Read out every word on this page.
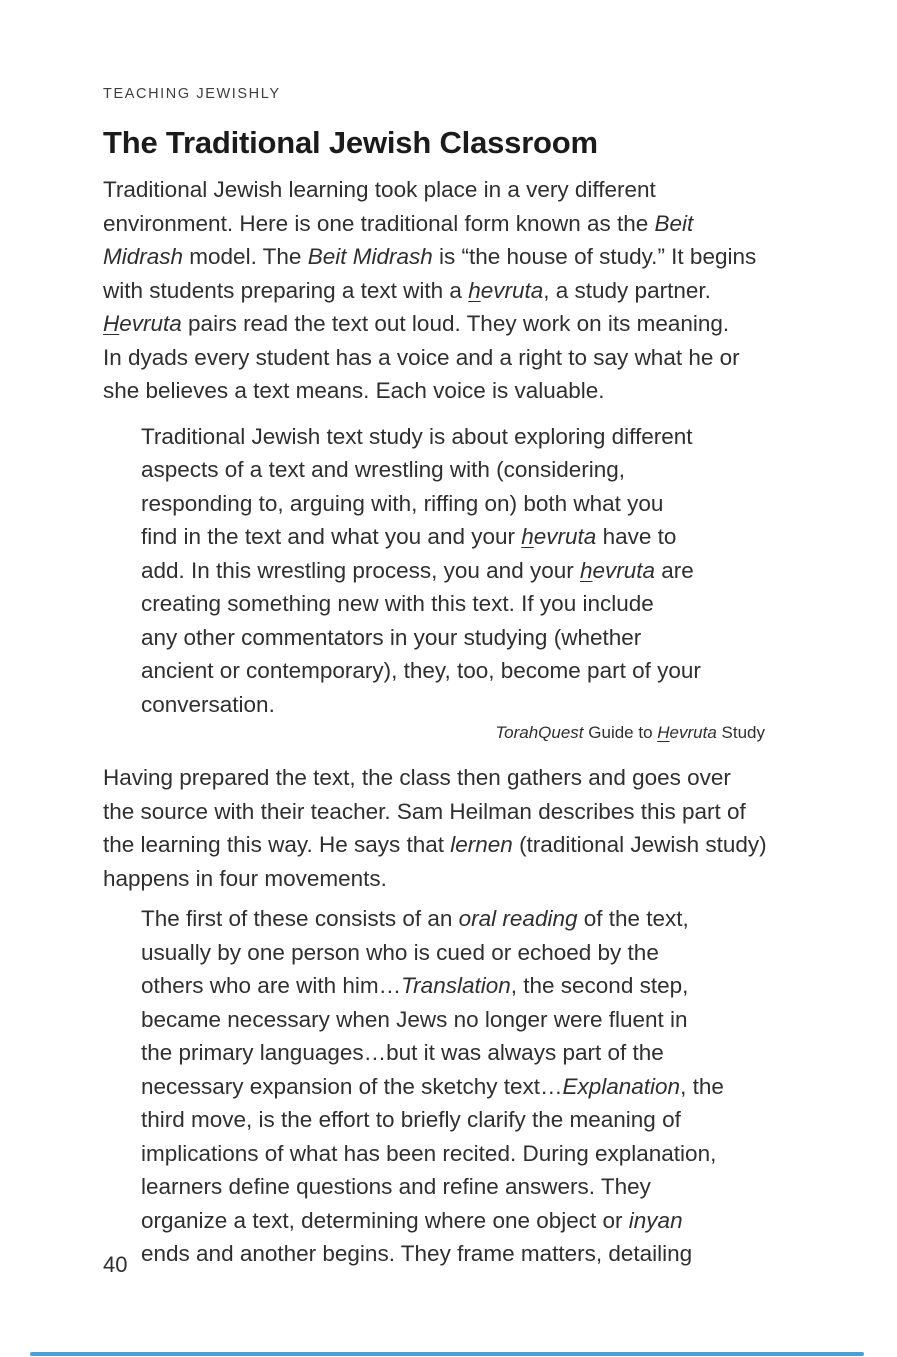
TEACHING JEWISHLY
The Traditional Jewish Classroom
Traditional Jewish learning took place in a very different
environment. Here is one traditional form known as the Beit
Midrash model. The Beit Midrash is “the house of study.” It begins
with students preparing a text with a hevruta, a study partner.
Hevruta pairs read the text out loud. They work on its meaning.
In dyads every student has a voice and a right to say what he or
she believes a text means. Each voice is valuable.
Traditional Jewish text study is about exploring different
aspects of a text and wrestling with (considering,
responding to, arguing with, riffing on) both what you
find in the text and what you and your hevruta have to
add. In this wrestling process, you and your hevruta are
creating something new with this text. If you include
any other commentators in your studying (whether
ancient or contemporary), they, too, become part of your
conversation.
TorahQuest Guide to Hevruta Study
Having prepared the text, the class then gathers and goes over
the source with their teacher. Sam Heilman describes this part of
the learning this way. He says that lernen (traditional Jewish study)
happens in four movements.
The first of these consists of an oral reading of the text,
usually by one person who is cued or echoed by the
others who are with him…Translation, the second step,
became necessary when Jews no longer were fluent in
the primary languages…but it was always part of the
necessary expansion of the sketchy text…Explanation, the
third move, is the effort to briefly clarify the meaning of
implications of what has been recited. During explanation,
learners define questions and refine answers. They
organize a text, determining where one object or inyan
ends and another begins. They frame matters, detailing
40
